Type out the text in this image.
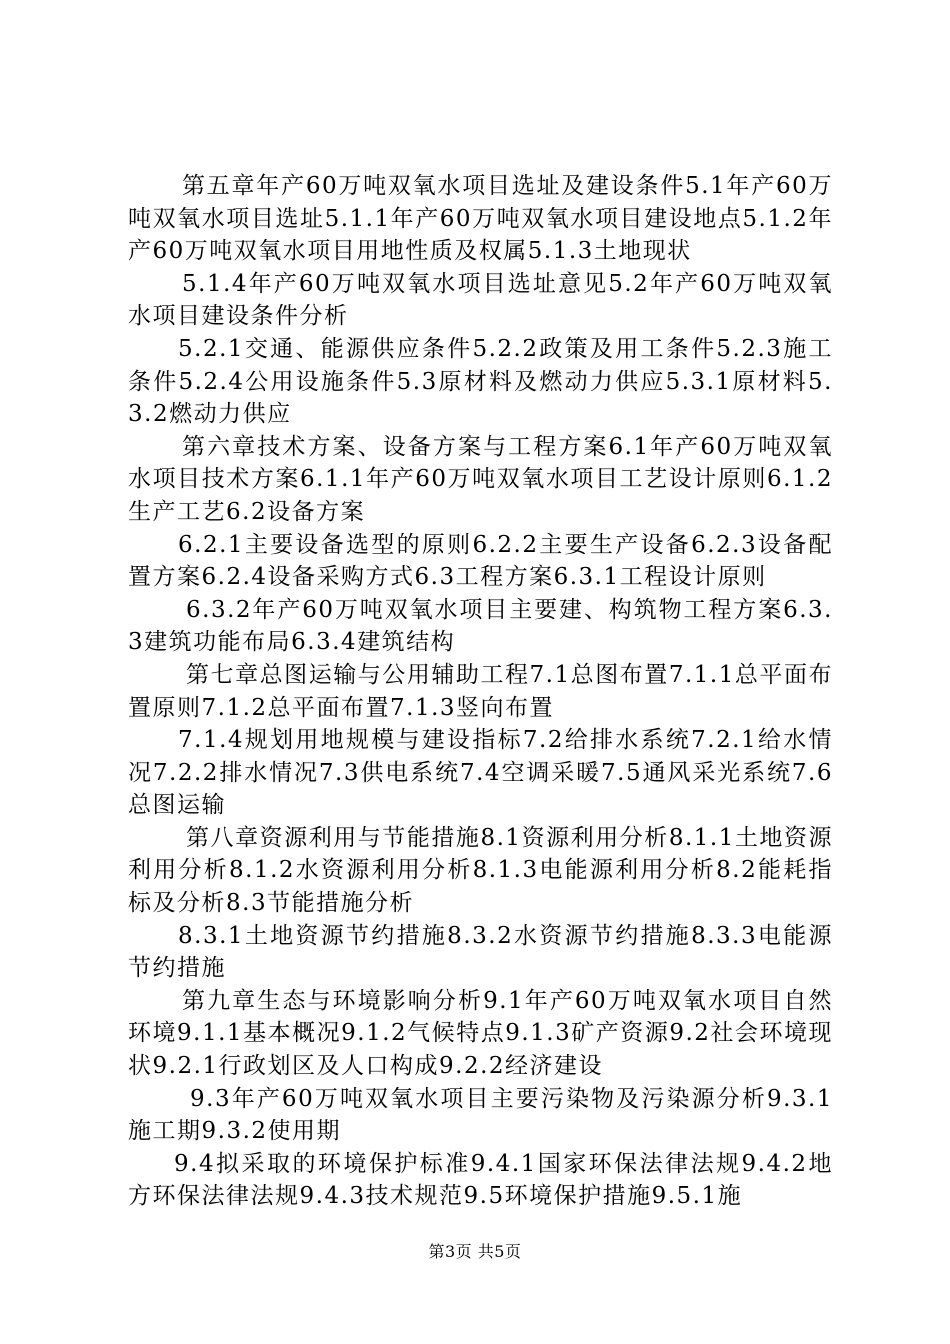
第五章年产60万吨双氧水项目选址及建设条件5.1年产60万吨双氧水项目选址5.1.1年产60万吨双氧水项目建设地点5.1.2年产60万吨双氧水项目用地性质及权属5.1.3土地现状

5.1.4年产60万吨双氧水项目选址意见5.2年产60万吨双氧水项目建设条件分析

5.2.1交通、能源供应条件5.2.2政策及用工条件5.2.3施工条件5.2.4公用设施条件5.3原材料及燃动力供应5.3.1原材料5.3.2燃动力供应

第六章技术方案、设备方案与工程方案6.1年产60万吨双氧水项目技术方案6.1.1年产60万吨双氧水项目工艺设计原则6.1.2生产工艺6.2设备方案

6.2.1主要设备选型的原则6.2.2主要生产设备6.2.3设备配置方案6.2.4设备采购方式6.3工程方案6.3.1工程设计原则

6.3.2年产60万吨双氧水项目主要建、构筑物工程方案6.3.3建筑功能布局6.3.4建筑结构

第七章总图运输与公用辅助工程7.1总图布置7.1.1总平面布置原则7.1.2总平面布置7.1.3竖向布置

7.1.4规划用地规模与建设指标7.2给排水系统7.2.1给水情况7.2.2排水情况7.3供电系统7.4空调采暖7.5通风采光系统7.6总图运输

第八章资源利用与节能措施8.1资源利用分析8.1.1土地资源利用分析8.1.2水资源利用分析8.1.3电能源利用分析8.2能耗指标及分析8.3节能措施分析

8.3.1土地资源节约措施8.3.2水资源节约措施8.3.3电能源节约措施

第九章生态与环境影响分析9.1年产60万吨双氧水项目自然环境9.1.1基本概况9.1.2气候特点9.1.3矿产资源9.2社会环境现状9.2.1行政划区及人口构成9.2.2经济建设

9.3年产60万吨双氧水项目主要污染物及污染源分析9.3.1施工期9.3.2使用期

9.4拟采取的环境保护标准9.4.1国家环保法律法规9.4.2地方环保法律法规9.4.3技术规范9.5环境保护措施9.5.1施

第3页 共5页
